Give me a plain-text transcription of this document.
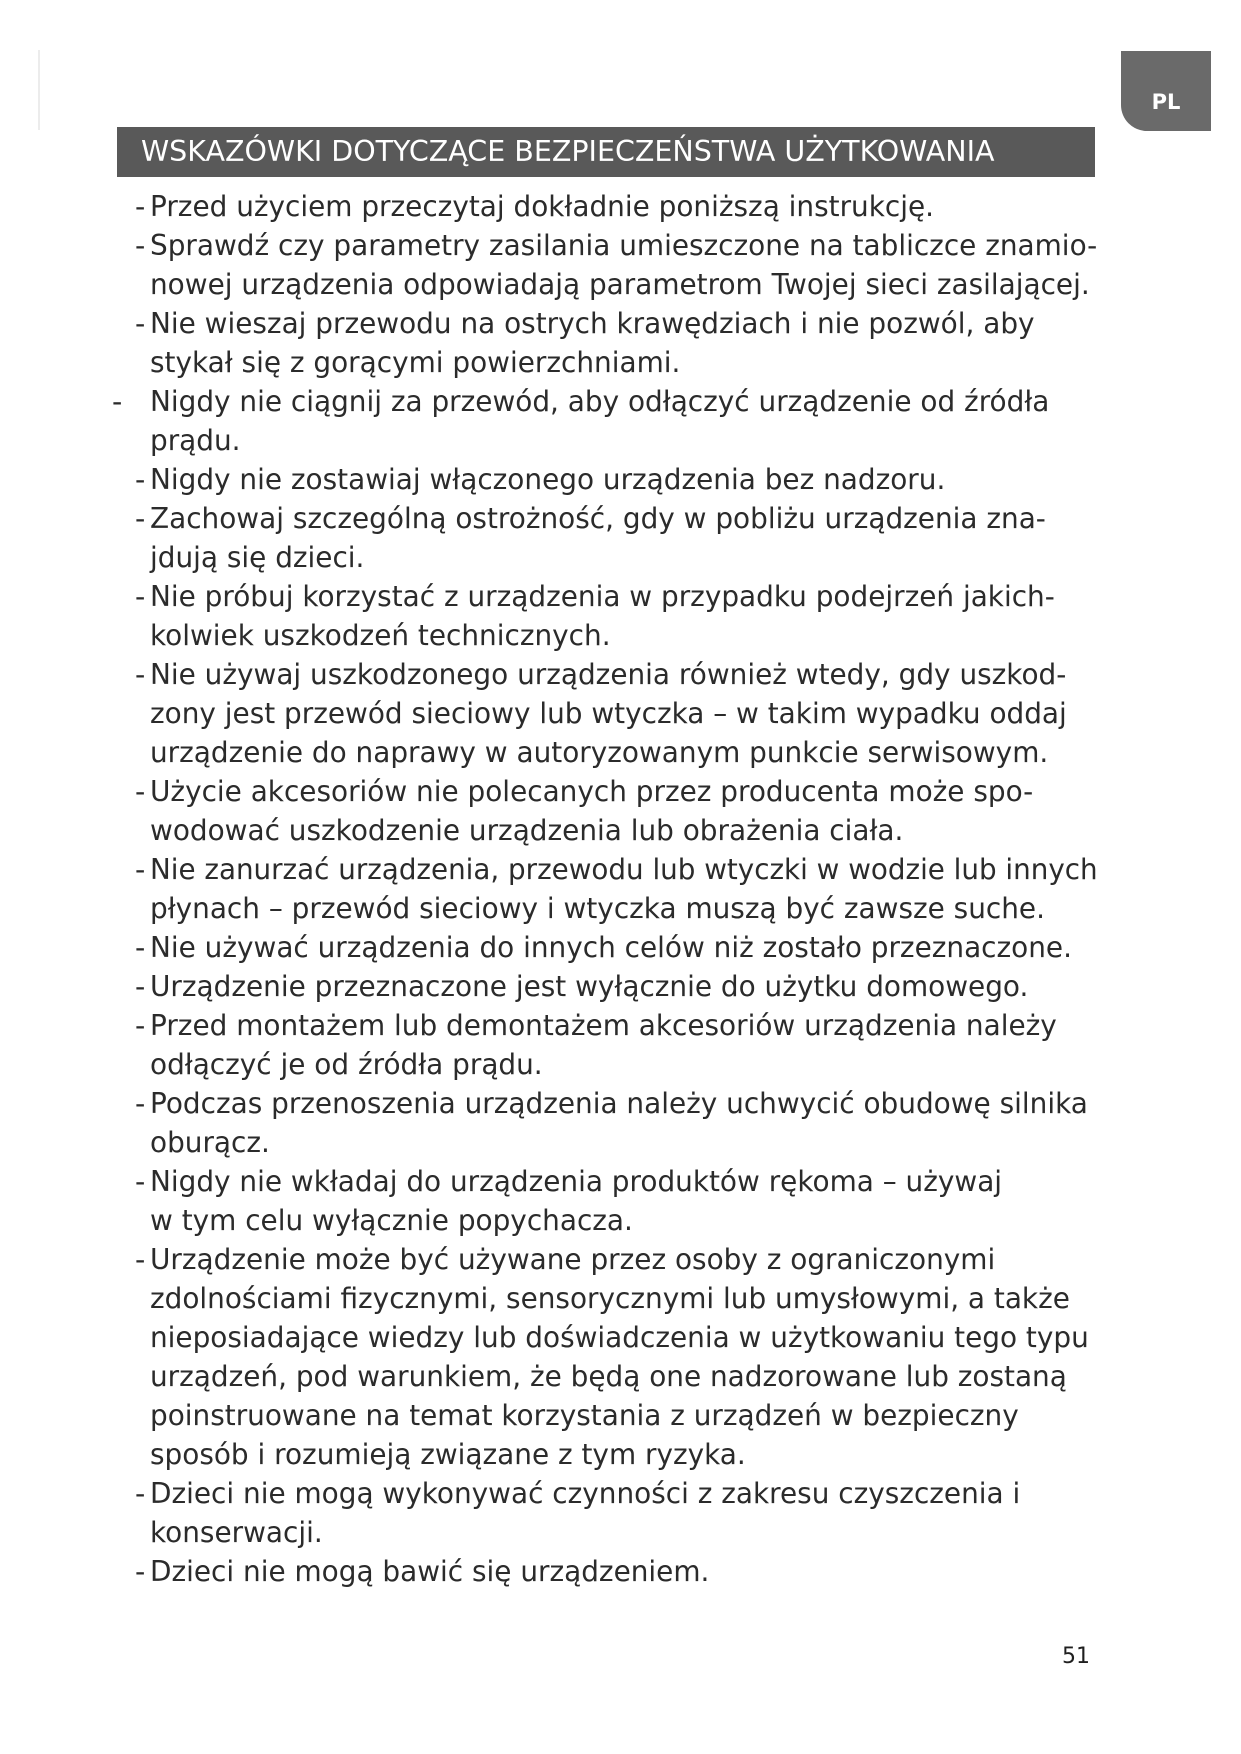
PL
WSKAZÓWKI DOTYCZĄCE BEZPIECZEŃSTWA UŻYTKOWANIA
- Przed użyciem przeczytaj dokładnie poniższą instrukcję.
- Sprawdź czy parametry zasilania umieszczone na tabliczce znamio-
nowej urządzenia odpowiadają parametrom Twojej sieci zasilającej.
- Nie wieszaj przewodu na ostrych krawędziach i nie pozwól, aby
stykał się z gorącymi powierzchniami.
- Nigdy nie ciągnij za przewód, aby odłączyć urządzenie od źródła
prądu.
- Nigdy nie zostawiaj włączonego urządzenia bez nadzoru.
- Zachowaj szczególną ostrożność, gdy w pobliżu urządzenia zna-
jdują się dzieci.
- Nie próbuj korzystać z urządzenia w przypadku podejrzeń jakich-
kolwiek uszkodzeń technicznych.
- Nie używaj uszkodzonego urządzenia również wtedy, gdy uszkod-
zony jest przewód sieciowy lub wtyczka – w takim wypadku oddaj
urządzenie do naprawy w autoryzowanym punkcie serwisowym.
- Użycie akcesoriów nie polecanych przez producenta może spo-
wodować uszkodzenie urządzenia lub obrażenia ciała.
- Nie zanurzać urządzenia, przewodu lub wtyczki w wodzie lub innych
płynach – przewód sieciowy i wtyczka muszą być zawsze suche.
- Nie używać urządzenia do innych celów niż zostało przeznaczone.
- Urządzenie przeznaczone jest wyłącznie do użytku domowego.
- Przed montażem lub demontażem akcesoriów urządzenia należy
odłączyć je od źródła prądu.
- Podczas przenoszenia urządzenia należy uchwycić obudowę silnika
oburącz.
- Nigdy nie wkładaj do urządzenia produktów rękoma – używaj
w tym celu wyłącznie popychacza.
- Urządzenie może być używane przez osoby z ograniczonymi
zdolnościami fizycznymi, sensorycznymi lub umysłowymi, a także
nieposiadające wiedzy lub doświadczenia w użytkowaniu tego typu
urządzeń, pod warunkiem, że będą one nadzorowane lub zostaną
poinstruowane na temat korzystania z urządzeń w bezpieczny
sposób i rozumieją związane z tym ryzyka.
- Dzieci nie mogą wykonywać czynności z zakresu czyszczenia i
konserwacji.
- Dzieci nie mogą bawić się urządzeniem.
51
